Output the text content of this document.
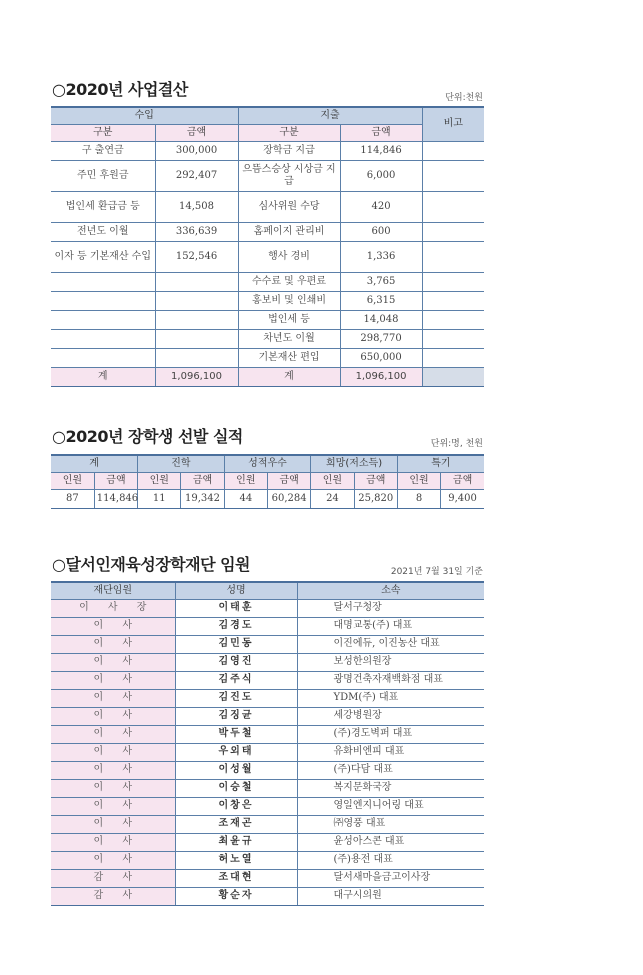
○2020년 사업결산	단위:천원
수입		지출		비고
구분	금액	구분	금액	
구 출연금	300,000	장학금 지급	114,846	
주민 후원금	292,407	으뜸스승상 시상금 지급	6,000	
법인세 환급금 등	14,508	심사위원 수당	420	
전년도 이월	336,639	홈페이지 관리비	600	
이자 등 기본재산 수입	152,546	행사 경비	1,336	
		수수료 및 우편료	3,765	
		홍보비 및 인쇄비	6,315	
		법인세 등	14,048	
		차년도 이월	298,770	
		기본재산 편입	650,000	
계	1,096,100	계	1,096,100	
○2020년 장학생 선발 실적	단위:명, 천원
계		진학		성적우수		희망(저소득)		특기	
인원	금액	인원	금액	인원	금액	인원	금액	인원	금액
87	114,846	11	19,342	44	60,284	24	25,820	8	9,400
○달서인재육성장학재단 임원	2021년 7월 31일 기준
재단임원	성명	소속
이 사 장	이태훈	달서구청장
이 사	김경도	대명교통(주) 대표
이 사	김민동	이진에듀, 이진농산 대표
이 사	김영진	보성한의원장
이 사	김주식	광명건축자재백화점 대표
이 사	김진도	YDM(주) 대표
이 사	김징균	세강병원장
이 사	박두철	(주)경도벽퍼 대표
이 사	우외태	유화비엔피 대표
이 사	이성월	(주)다담 대표
이 사	이승철	복지문화국장
이 사	이창은	영일엔지니어링 대표
이 사	조재곤	㈜영풍 대표
이 사	최윤규	윤성아스콘 대표
이 사	허노열	(주)용전 대표
감 사	조대현	달서새마을금고이사장
감 사	황순자	대구시의원
